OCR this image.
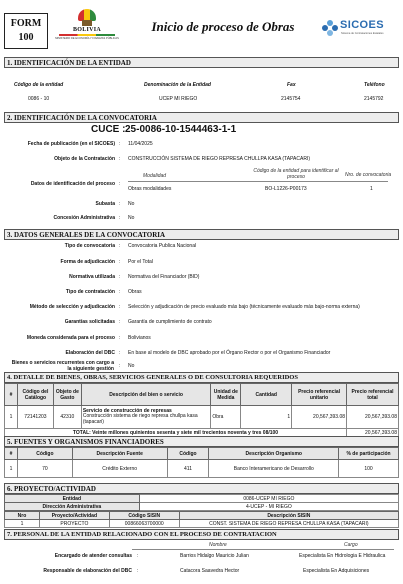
FORM
100
BOLIVIA
MINISTERIO DE ECONOMÍA Y FINANZAS PÚBLICAS
Inicio de proceso de Obras	SICOES
Sistema de Contrataciones Estatales
1. IDENTIFICACIÓN DE LA ENTIDAD
Código de la entidad	Denominación de la Entidad	Fax	Teléfono
0086 - 10	UCEP MI RIEGO	2145754	2145792
2. IDENTIFICACIÓN DE LA CONVOCATORIA
CUCE : 25-0086-10-1544463-1-1
Fecha de publicación (en el SICOES) : 11/04/2025
Objeto de la Contratación : CONSTRUCCIÓN SISTEMA DE RIEGO REPRESA CHULLPA KASA (TAPACARI)
Datos de identificación del proceso :
Modalidad
Código de la entidad para identificar al proceso	Nro. de convocatoria
Obras modalidades	BO-L1226-P00173	1
Subasta : No
Concesión Administrativa : No
3. DATOS GENERALES DE LA CONVOCATORIA
Tipo de convocatoria : Convocatoria Publica Nacional
Forma de adjudicación : Por el Total
Normativa utilizada : Normativa del Financiador (BID)
Tipo de contratación : Obras
Método de selección y adjudicación : Selección y adjudicación de precio evaluado más bajo (técnicamente evaluado más bajo-norma externa)
Garantías solicitadas : Garantía de cumplimiento de contrato
Moneda considerada para el proceso : Bolivianos
Elaboración del DBC : En base al modelo de DBC aprobado por el Órgano Rector o por el Organismo Financiador
Bienes o servicios recurrentes con cargo a la siguiente gestión : No
4. DETALLE DE BIENES, OBRAS, SERVICIOS GENERALES O DE CONSULTORIA REQUERIDOS
#	Código del Catálogo	Objeto de Gasto	Descripción del bien o servicio	Unidad de Medida	Cantidad	Precio referencial unitario	Precio referencial total
1	72141203	42310	Servicio de construcción de represas
Construcción sistema de riego represa chullpa kasa (tapacari)	Obra	1	20,567,393.08	20,567,393.08
TOTAL: Veinte millones quinientos sesenta y siete mil trecientos noventa y tres 08/100							20,567,393.08
5. FUENTES Y ORGANISMOS FINANCIADORES
#	Código	Descripción Fuente	Código	Descripción Organismo	% de participación
1	70	Crédito Externo	411	Banco Interamericano de Desarrollo	100
6. PROYECTO/ACTIVIDAD
Entidad	0086-UCEP MI RIEGO
Dirección Administrativa	4-UCEP - MI RIEGO
Nro	Proyecto/Actividad	Código SISIN	Descripción SISIN
1	PROYECTO	00866063700000	CONST. SISTEMA DE RIEGO REPRESA CHULLPA KASA (TAPACARI)
7. PERSONAL DE LA ENTIDAD RELACIONADO CON EL PROCESO DE CONTRATACION
Nombre	Cargo
Encargado de atender consultas :	Barrios Hidalgo Mauricio Julian	Especialista En Hidrologia E Hidraulica
Responsable de elaboración del DBC :	Catacora Saavedra Hector	Especialista En Adquisiciones
